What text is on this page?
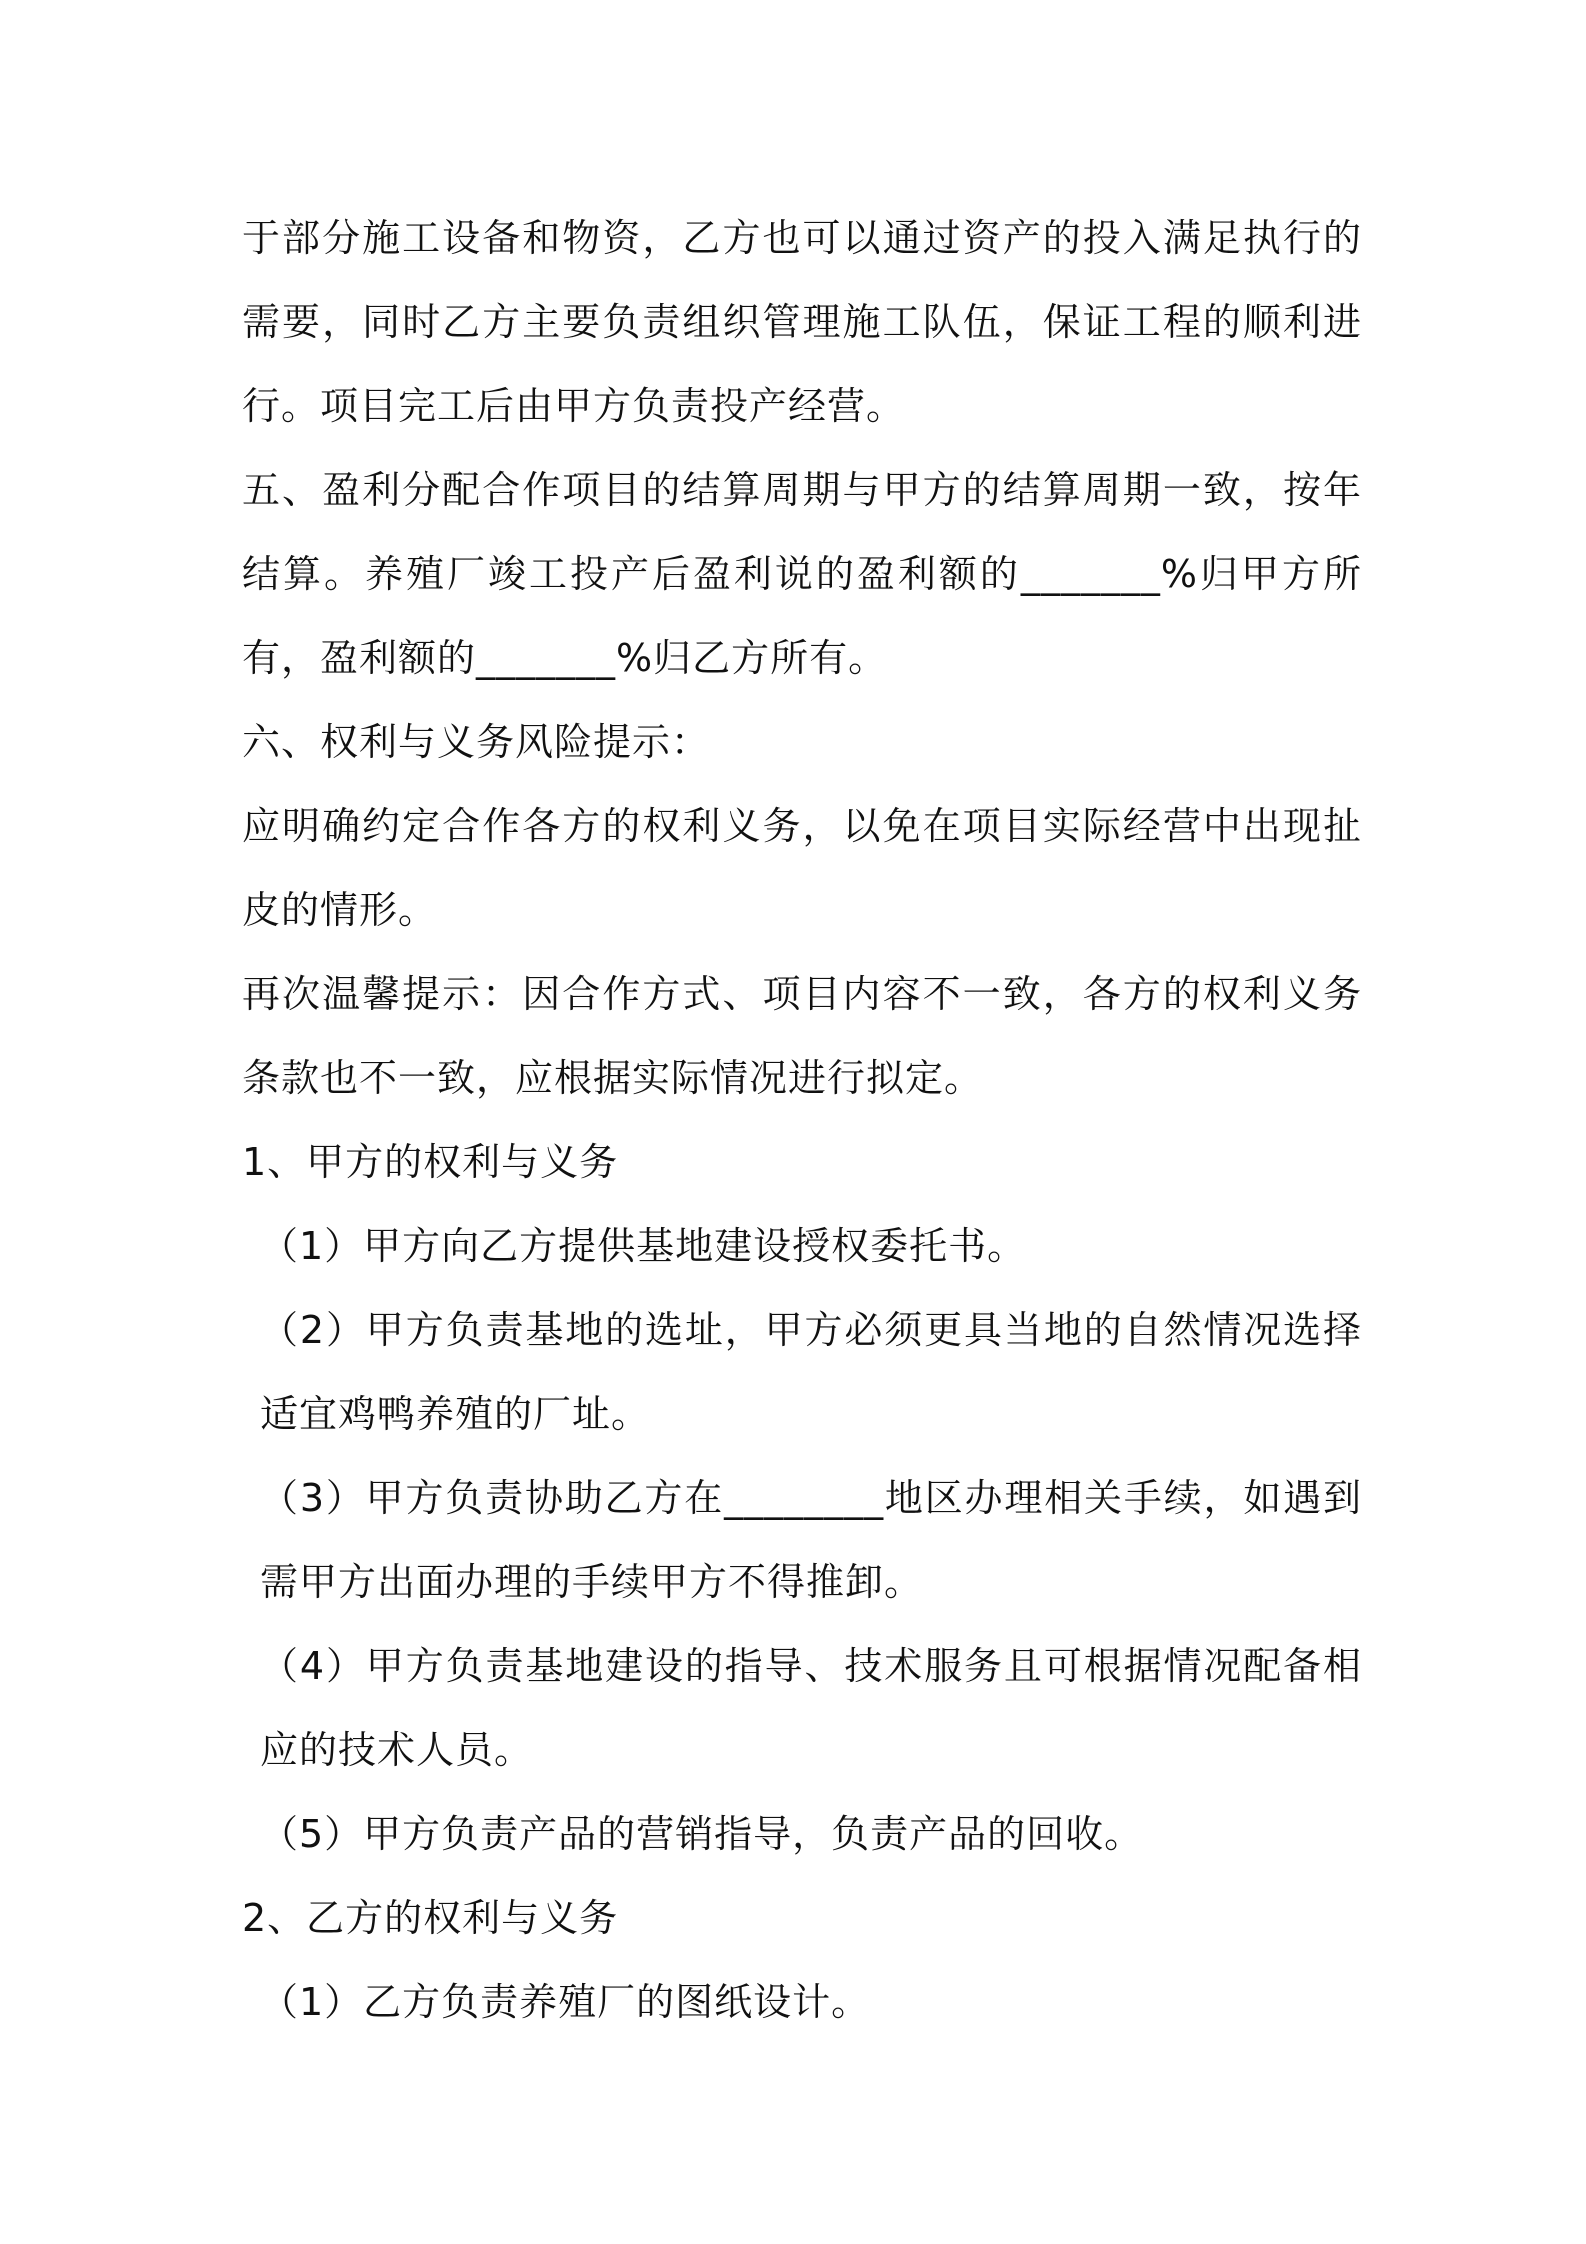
于部分施工设备和物资，乙方也可以通过资产的投入满足执行的需要，同时乙方主要负责组织管理施工队伍，保证工程的顺利进行。项目完工后由甲方负责投产经营。

五、盈利分配合作项目的结算周期与甲方的结算周期一致，按年结算。养殖厂竣工投产后盈利说的盈利额的_______%归甲方所有，盈利额的_______%归乙方所有。

六、权利与义务风险提示：

应明确约定合作各方的权利义务，以免在项目实际经营中出现扯皮的情形。

再次温馨提示：因合作方式、项目内容不一致，各方的权利义务条款也不一致，应根据实际情况进行拟定。

1、甲方的权利与义务

（1）甲方向乙方提供基地建设授权委托书。

（2）甲方负责基地的选址，甲方必须更具当地的自然情况选择适宜鸡鸭养殖的厂址。

（3）甲方负责协助乙方在________地区办理相关手续，如遇到需甲方出面办理的手续甲方不得推卸。

（4）甲方负责基地建设的指导、技术服务且可根据情况配备相应的技术人员。

（5）甲方负责产品的营销指导，负责产品的回收。

2、乙方的权利与义务

（1）乙方负责养殖厂的图纸设计。
